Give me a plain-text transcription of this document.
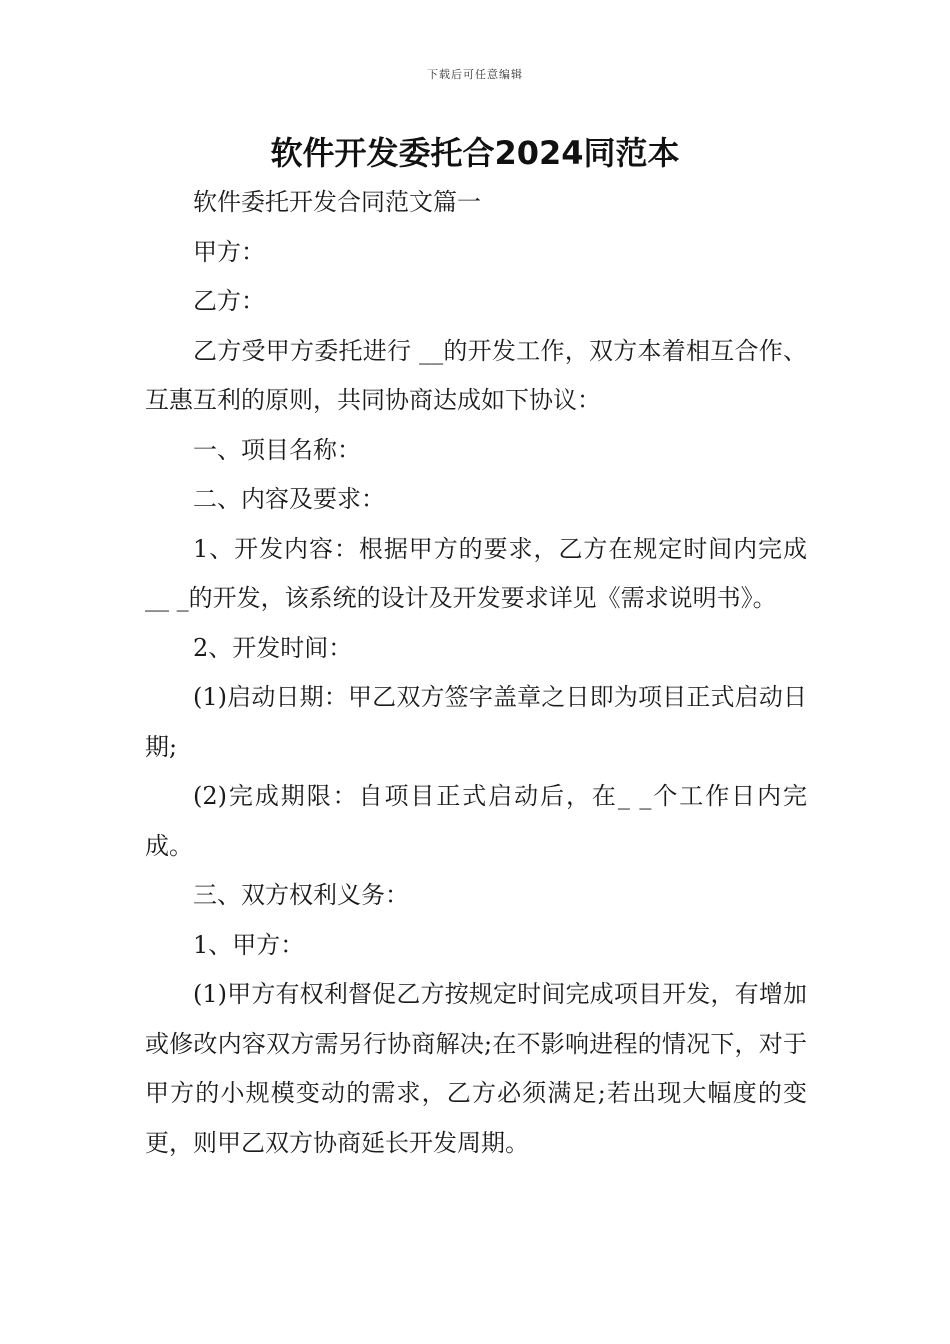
下载后可任意编辑
软件开发委托合2024同范本

软件委托开发合同范文篇一

甲方：

乙方：

乙方受甲方委托进行 __的开发工作，双方本着相互合作、互惠互利的原则，共同协商达成如下协议：

一、项目名称：

二、内容及要求：

1、开发内容：根据甲方的要求，乙方在规定时间内完成__ _的开发，该系统的设计及开发要求详见《需求说明书》。

2、开发时间：

(1)启动日期：甲乙双方签字盖章之日即为项目正式启动日期;

(2)完成期限：自项目正式启动后，在_ _个工作日内完成。

三、双方权利义务：

1、甲方：

(1)甲方有权利督促乙方按规定时间完成项目开发，有增加或修改内容双方需另行协商解决;在不影响进程的情况下，对于甲方的小规模变动的需求，乙方必须满足;若出现大幅度的变更，则甲乙双方协商延长开发周期。
